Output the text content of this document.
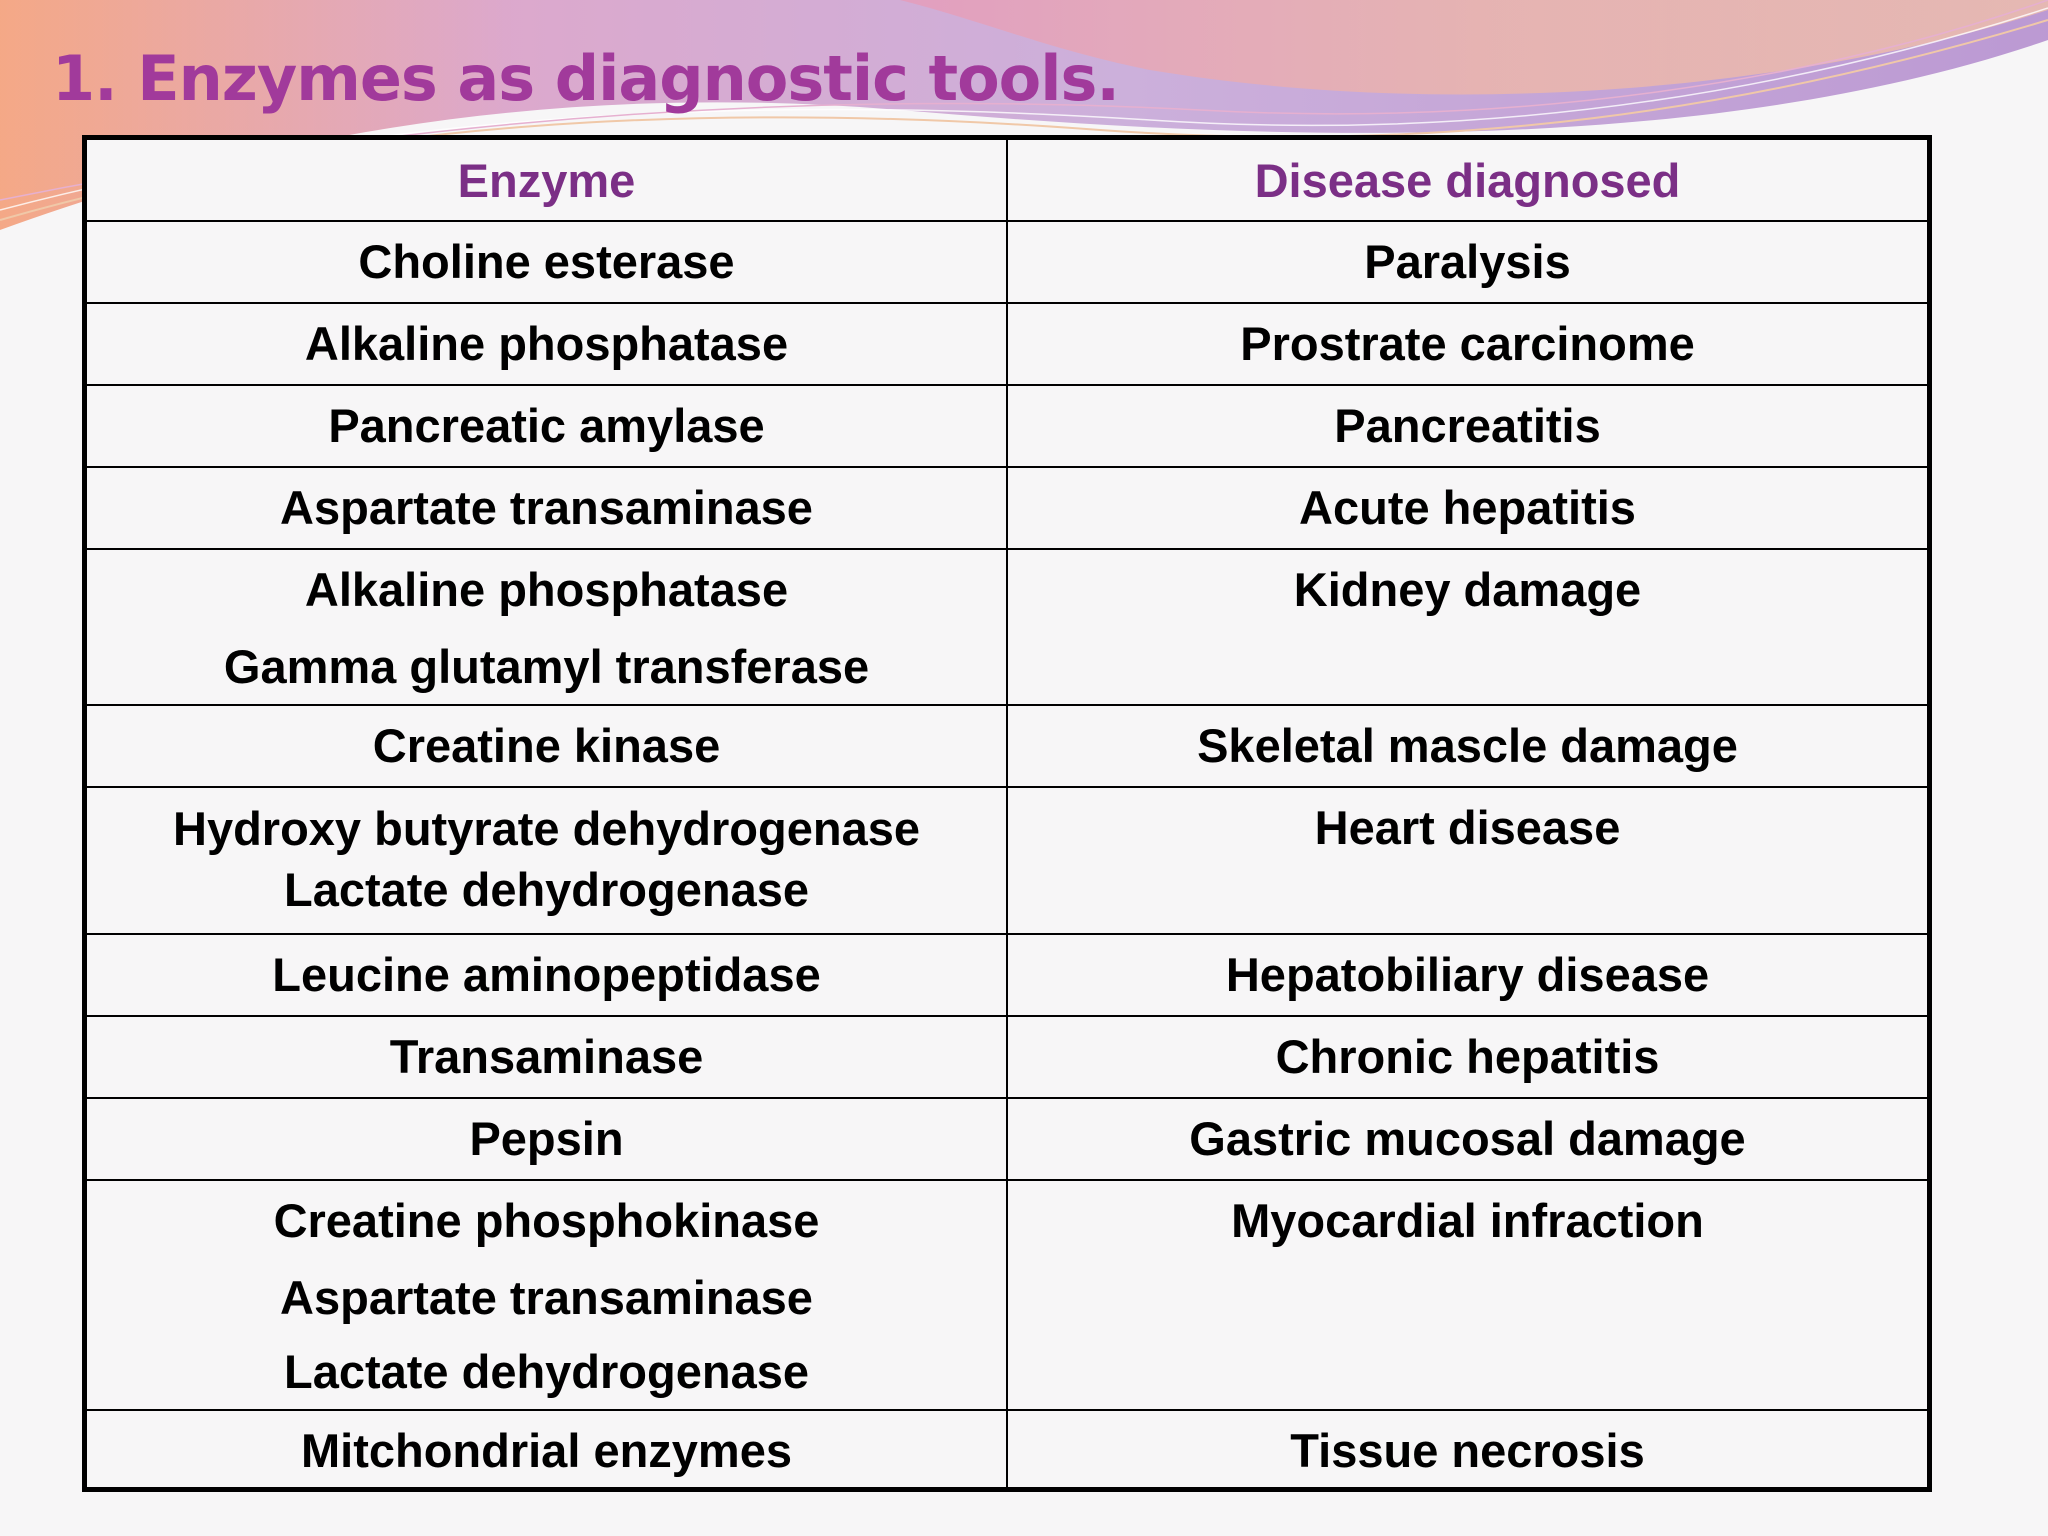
1. Enzymes as diagnostic tools.
Enzyme	Disease diagnosed

Choline esterase	Paralysis

Alkaline phosphatase	Prostrate carcinome

Pancreatic amylase	Pancreatitis

Aspartate transaminase	Acute hepatitis

Alkaline phosphatase
Gamma glutamyl transferase	Kidney damage

Creatine kinase	Skeletal mascle damage

Hydroxy butyrate dehydrogenase
Lactate dehydrogenase	Heart disease

Leucine aminopeptidase	Hepatobiliary disease

Transaminase	Chronic hepatitis

Pepsin	Gastric mucosal damage

Creatine phosphokinase
Aspartate transaminase
Lactate dehydrogenase	Myocardial infraction

Mitchondrial enzymes	Tissue necrosis
